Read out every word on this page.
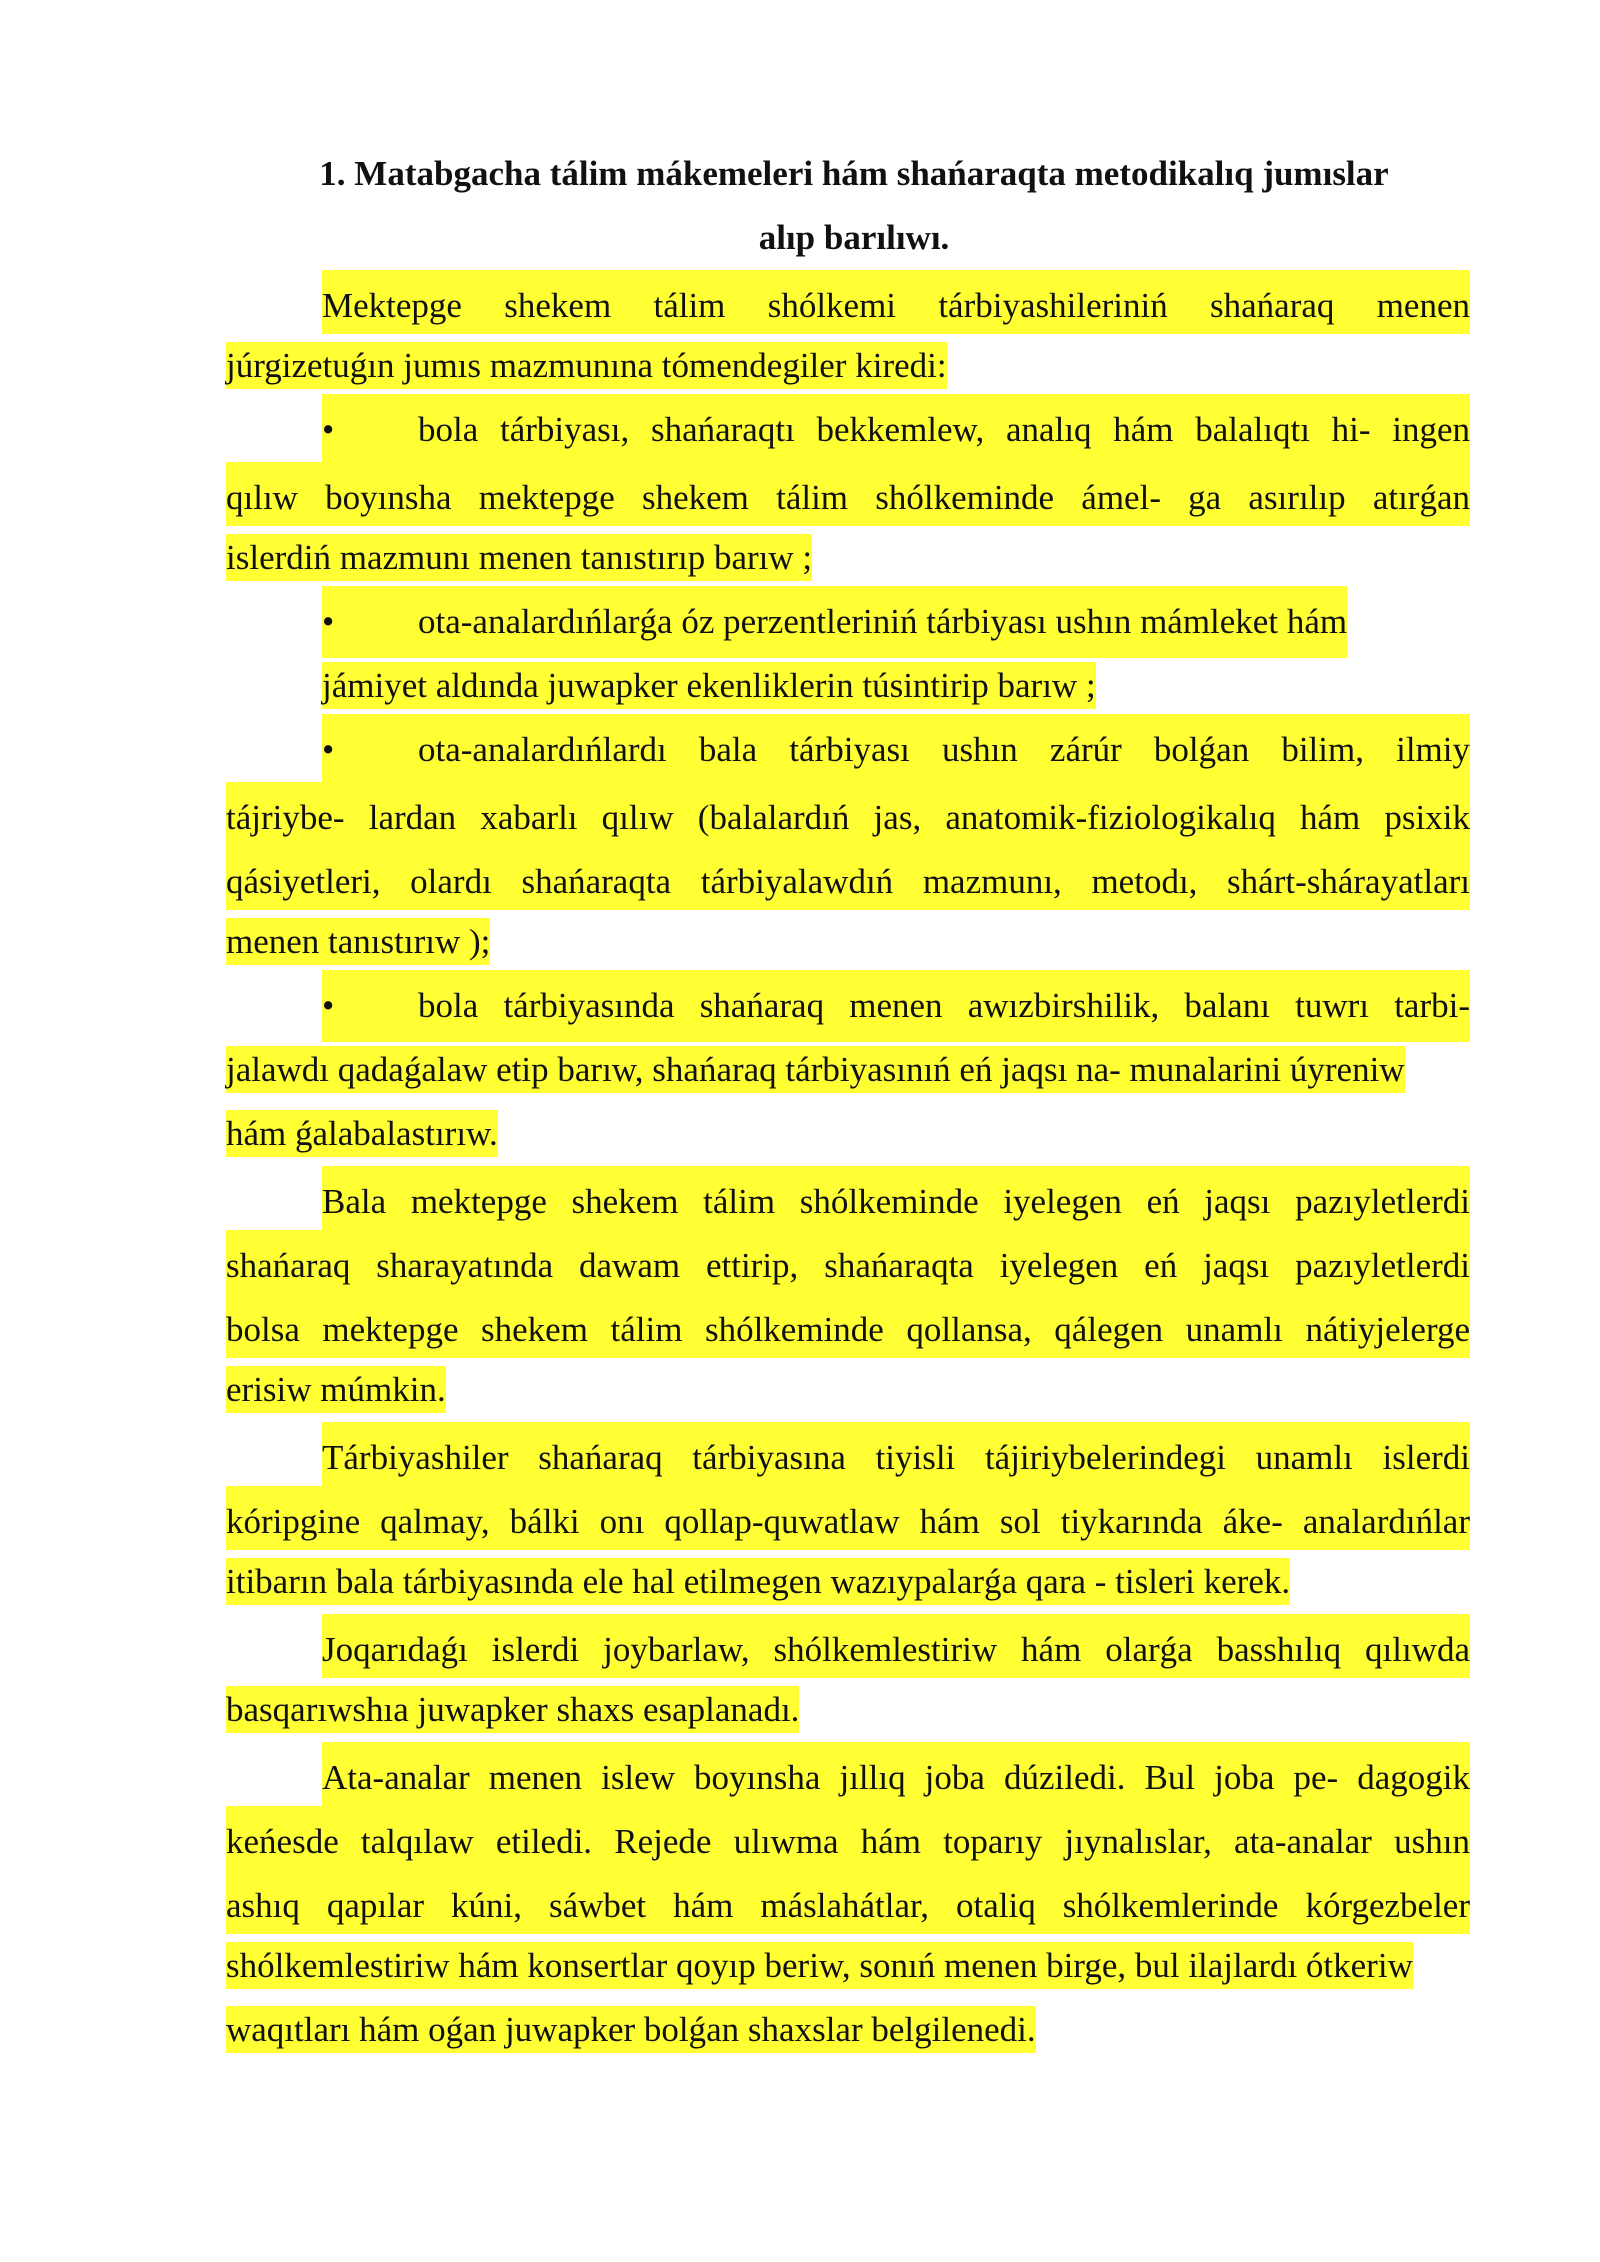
1. Matabgacha tálim mákemeleri hám shańaraqta metodikalıq jumıslar
alıp barılıwı.
Mektepge shekem tálim shólkemi tárbiyashileriniń shańaraq menen
júrgizetuǵın jumıs mazmunına tómendegiler kiredi:
•	bola tárbiyası, shańaraqtı bekkemlew, analıq hám balalıqtı hi- ingen
qılıw boyınsha mektepge shekem tálim shólkeminde ámel- ga asırılıp atırǵan
islerdiń mazmunı menen tanıstırıp barıw ;
•	ota-analardıńlarǵa óz perzentleriniń tárbiyası ushın mámleket hám
jámiyet aldında juwapker ekenliklerin túsintirip barıw ;
•	ota-analardıńlardı bala tárbiyası ushın zárúr bolǵan bilim, ilmiy
tájriybe- lardan xabarlı qılıw (balalardıń jas, anatomik-fiziologikalıq hám psixik
qásiyetleri, olardı shańaraqta tárbiyalawdıń mazmunı, metodı, shárt-shárayatları
menen tanıstırıw );
•	bola tárbiyasında shańaraq menen awızbirshilik, balanı tuwrı tarbi-
jalawdı qadaǵalaw etip barıw, shańaraq tárbiyasınıń eń jaqsı na- munalarini úyreniw
hám ǵalabalastırıw.
Bala mektepge shekem tálim shólkeminde iyelegen eń jaqsı pazıyletlerdi
shańaraq sharayatında dawam ettirip, shańaraqta iyelegen eń jaqsı pazıyletlerdi
bolsa mektepge shekem tálim shólkeminde qollansa, qálegen unamlı nátiyjelerge
erisiw múmkin.
Tárbiyashiler shańaraq tárbiyasına tiyisli tájiriybelerindegi unamlı islerdi
kóripgine qalmay, bálki onı qollap-quwatlaw hám sol tiykarında áke- analardıńlar
itibarın bala tárbiyasında ele hal etilmegen wazıypalarǵa qara - tisleri kerek.
Joqarıdaǵı islerdi joybarlaw, shólkemlestiriw hám olarǵa basshılıq qılıwda
basqarıwshıa juwapker shaxs esaplanadı.
Ata-analar menen islew boyınsha jıllıq joba dúziledi. Bul joba pe- dagogik
keńesde talqılaw etiledi. Rejede ulıwma hám toparıy jıynalıslar, ata-analar ushın
ashıq qapılar kúni, sáwbet hám máslahátlar, otaliq shólkemlerinde kórgezbeler
shólkemlestiriw hám konsertlar qoyıp beriw, sonıń menen birge, bul ilajlardı ótkeriw
waqıtları hám oǵan juwapker bolǵan shaxslar belgilenedi.
